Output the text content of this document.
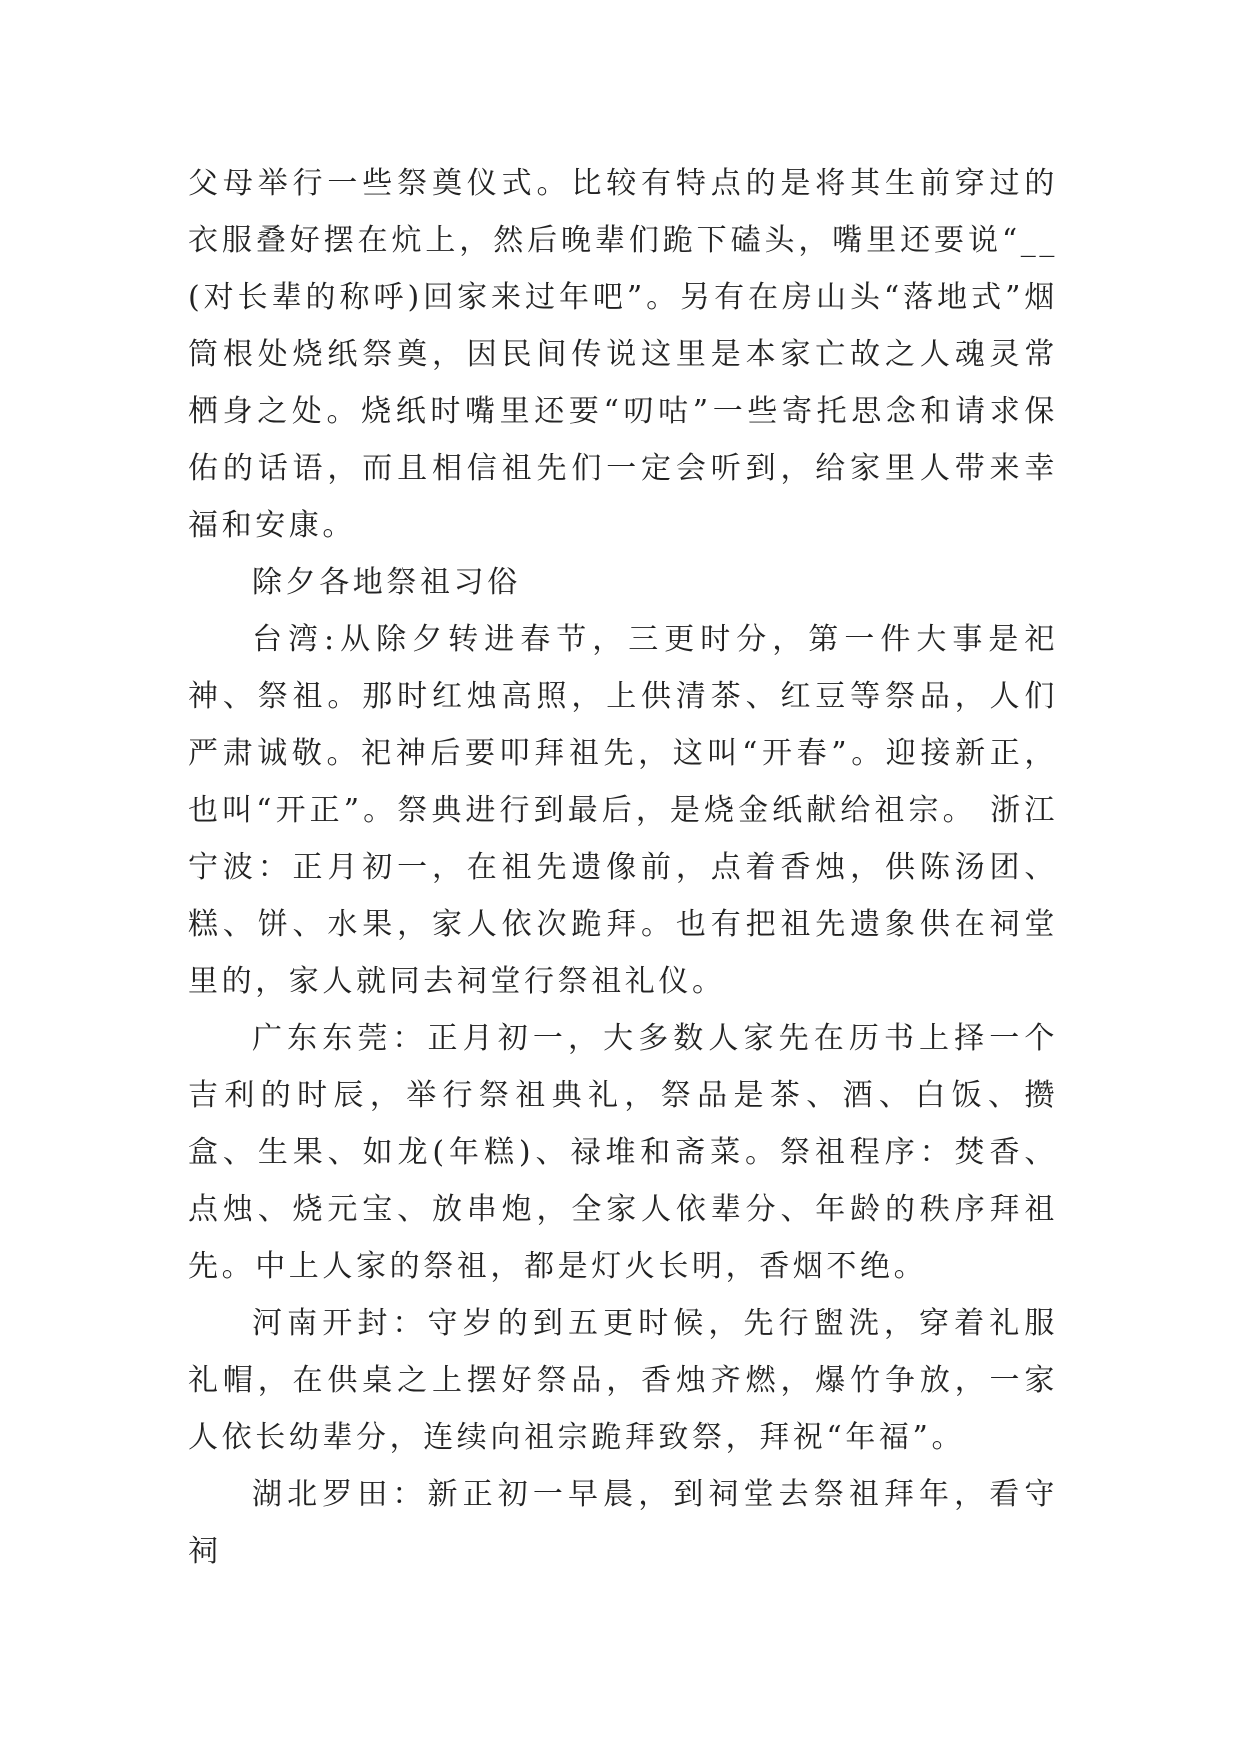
父母举行一些祭奠仪式。比较有特点的是将其生前穿过的衣服叠好摆在炕上，然后晚辈们跪下磕头，嘴里还要说“__(对长辈的称呼)回家来过年吧”。另有在房山头“落地式”烟筒根处烧纸祭奠，因民间传说这里是本家亡故之人魂灵常栖身之处。烧纸时嘴里还要“叨咕”一些寄托思念和请求保佑的话语，而且相信祖先们一定会听到，给家里人带来幸福和安康。

除夕各地祭祖习俗

台湾:从除夕转进春节，三更时分，第一件大事是祀神、祭祖。那时红烛高照，上供清茶、红豆等祭品，人们严肃诚敬。祀神后要叩拜祖先，这叫“开春”。迎接新正，也叫“开正”。祭典进行到最后，是烧金纸献给祖宗。 浙江宁波：正月初一，在祖先遗像前，点着香烛，供陈汤团、糕、饼、水果，家人依次跪拜。也有把祖先遗象供在祠堂里的，家人就同去祠堂行祭祖礼仪。

广东东莞：正月初一，大多数人家先在历书上择一个吉利的时辰，举行祭祖典礼，祭品是茶、酒、白饭、攒盒、生果、如龙(年糕)、禄堆和斋菜。祭祖程序：焚香、点烛、烧元宝、放串炮，全家人依辈分、年龄的秩序拜祖先。中上人家的祭祖，都是灯火长明，香烟不绝。

河南开封：守岁的到五更时候，先行盥洗，穿着礼服礼帽，在供桌之上摆好祭品，香烛齐燃，爆竹争放，一家人依长幼辈分，连续向祖宗跪拜致祭，拜祝“年福”。

湖北罗田：新正初一早晨，到祠堂去祭祖拜年，看守祠
